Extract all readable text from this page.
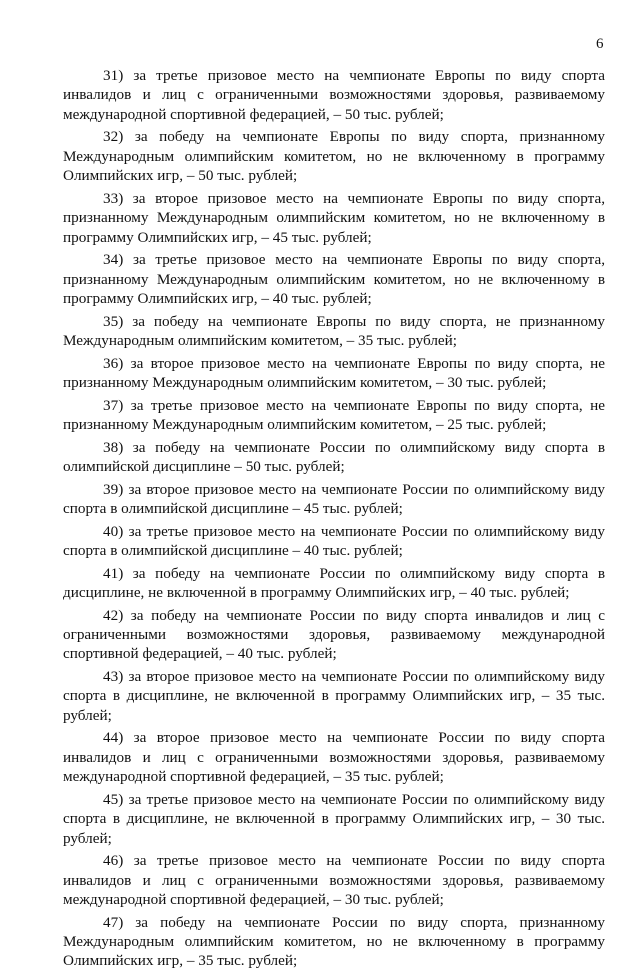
6

31) за третье призовое место на чемпионате Европы по виду спорта инвалидов и лиц с ограниченными возможностями здоровья, развиваемому международной спортивной федерацией, – 50 тыс. рублей;

32) за победу на чемпионате Европы по виду спорта, признанному Международным олимпийским комитетом, но не включенному в программу Олимпийских игр, – 50 тыс. рублей;

33) за второе призовое место на чемпионате Европы по виду спорта, признанному Международным олимпийским комитетом, но не включенному в программу Олимпийских игр, – 45 тыс. рублей;

34) за третье призовое место на чемпионате Европы по виду спорта, признанному Международным олимпийским комитетом, но не включенному в программу Олимпийских игр, – 40 тыс. рублей;

35) за победу на чемпионате Европы по виду спорта, не признанному Международным олимпийским комитетом, – 35 тыс. рублей;

36) за второе призовое место на чемпионате Европы по виду спорта, не признанному Международным олимпийским комитетом, – 30 тыс. рублей;

37) за третье призовое место на чемпионате Европы по виду спорта, не признанному Международным олимпийским комитетом, – 25 тыс. рублей;

38) за победу на чемпионате России по олимпийскому виду спорта в олимпийской дисциплине – 50 тыс. рублей;

39) за второе призовое место на чемпионате России по олимпийскому виду спорта в олимпийской дисциплине – 45 тыс. рублей;

40) за третье призовое место на чемпионате России по олимпийскому виду спорта в олимпийской дисциплине – 40 тыс. рублей;

41) за победу на чемпионате России по олимпийскому виду спорта в дисциплине, не включенной в программу Олимпийских игр, – 40 тыс. рублей;

42) за победу на чемпионате России по виду спорта инвалидов и лиц с ограниченными возможностями здоровья, развиваемому международной спортивной федерацией, – 40 тыс. рублей;

43) за второе призовое место на чемпионате России по олимпийскому виду спорта в дисциплине, не включенной в программу Олимпийских игр, – 35 тыс. рублей;

44) за второе призовое место на чемпионате России по виду спорта инвалидов и лиц с ограниченными возможностями здоровья, развиваемому международной спортивной федерацией, – 35 тыс. рублей;

45) за третье призовое место на чемпионате России по олимпийскому виду спорта в дисциплине, не включенной в программу Олимпийских игр, – 30 тыс. рублей;

46) за третье призовое место на чемпионате России по виду спорта инвалидов и лиц с ограниченными возможностями здоровья, развиваемому международной спортивной федерацией, – 30 тыс. рублей;

47) за победу на чемпионате России по виду спорта, признанному Международным олимпийским комитетом, но не включенному в программу Олимпийских игр, – 35 тыс. рублей;
